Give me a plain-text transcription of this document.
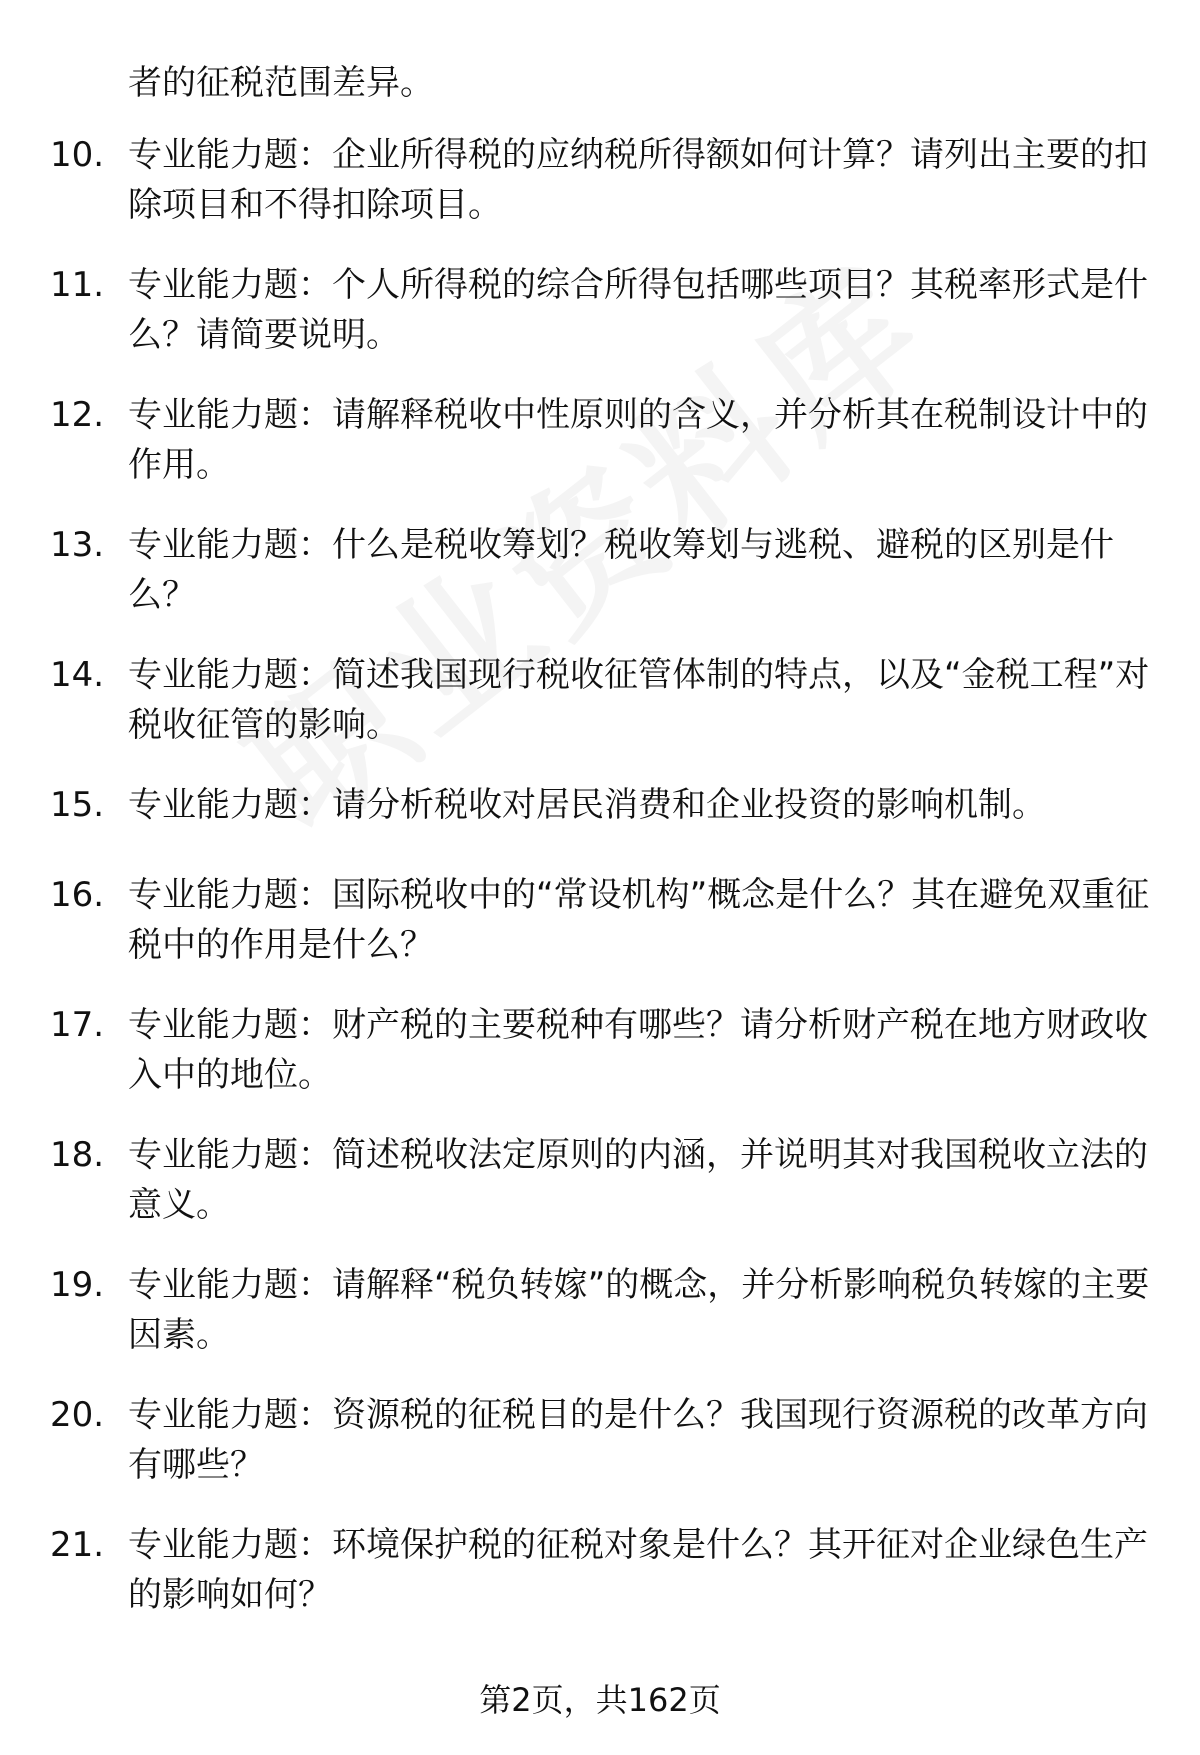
者的征税范围差异。
10. 专业能力题：企业所得税的应纳税所得额如何计算？请列出主要的扣除项目和不得扣除项目。
11. 专业能力题：个人所得税的综合所得包括哪些项目？其税率形式是什么？请简要说明。
12. 专业能力题：请解释税收中性原则的含义，并分析其在税制设计中的作用。
13. 专业能力题：什么是税收筹划？税收筹划与逃税、避税的区别是什么？
14. 专业能力题：简述我国现行税收征管体制的特点，以及“金税工程”对税收征管的影响。
15. 专业能力题：请分析税收对居民消费和企业投资的影响机制。
16. 专业能力题：国际税收中的“常设机构”概念是什么？其在避免双重征税中的作用是什么？
17. 专业能力题：财产税的主要税种有哪些？请分析财产税在地方财政收入中的地位。
18. 专业能力题：简述税收法定原则的内涵，并说明其对我国税收立法的意义。
19. 专业能力题：请解释“税负转嫁”的概念，并分析影响税负转嫁的主要因素。
20. 专业能力题：资源税的征税目的是什么？我国现行资源税的改革方向有哪些？
21. 专业能力题：环境保护税的征税对象是什么？其开征对企业绿色生产的影响如何？
第2页，共162页
